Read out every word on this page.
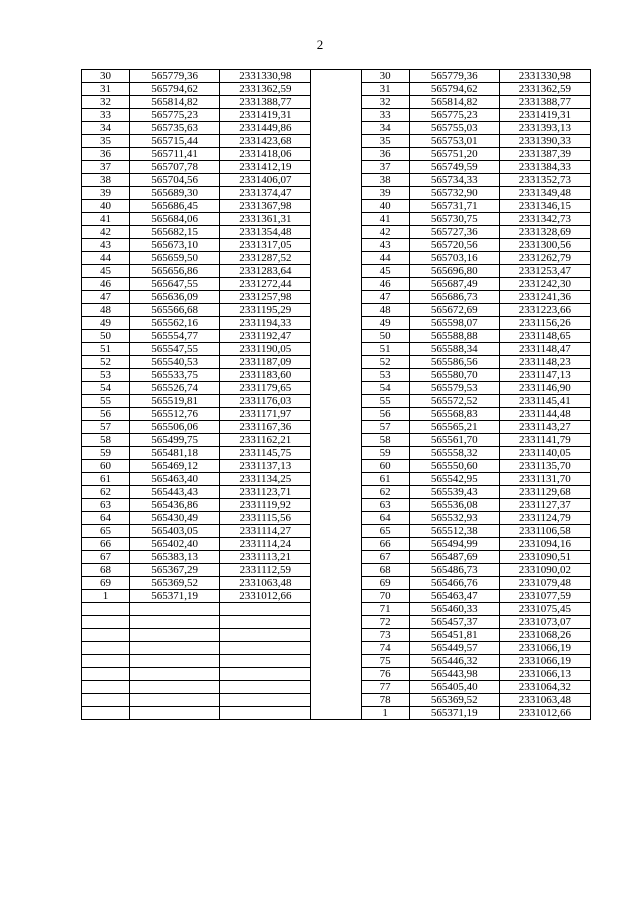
2
30	565779,36	2331330,98		30	565779,36	2331330,98
31	565794,62	2331362,59		31	565794,62	2331362,59
32	565814,82	2331388,77		32	565814,82	2331388,77
33	565775,23	2331419,31		33	565775,23	2331419,31
34	565735,63	2331449,86		34	565755,03	2331393,13
35	565715,44	2331423,68		35	565753,01	2331390,33
36	565711,41	2331418,06		36	565751,20	2331387,39
37	565707,78	2331412,19		37	565749,59	2331384,33
38	565704,56	2331406,07		38	565734,33	2331352,73
39	565689,30	2331374,47		39	565732,90	2331349,48
40	565686,45	2331367,98		40	565731,71	2331346,15
41	565684,06	2331361,31		41	565730,75	2331342,73
42	565682,15	2331354,48		42	565727,36	2331328,69
43	565673,10	2331317,05		43	565720,56	2331300,56
44	565659,50	2331287,52		44	565703,16	2331262,79
45	565656,86	2331283,64		45	565696,80	2331253,47
46	565647,55	2331272,44		46	565687,49	2331242,30
47	565636,09	2331257,98		47	565686,73	2331241,36
48	565566,68	2331195,29		48	565672,69	2331223,66
49	565562,16	2331194,33		49	565598,07	2331156,26
50	565554,77	2331192,47		50	565588,88	2331148,65
51	565547,55	2331190,05		51	565588,34	2331148,47
52	565540,53	2331187,09		52	565586,56	2331148,23
53	565533,75	2331183,60		53	565580,70	2331147,13
54	565526,74	2331179,65		54	565579,53	2331146,90
55	565519,81	2331176,03		55	565572,52	2331145,41
56	565512,76	2331171,97		56	565568,83	2331144,48
57	565506,06	2331167,36		57	565565,21	2331143,27
58	565499,75	2331162,21		58	565561,70	2331141,79
59	565481,18	2331145,75		59	565558,32	2331140,05
60	565469,12	2331137,13		60	565550,60	2331135,70
61	565463,40	2331134,25		61	565542,95	2331131,70
62	565443,43	2331123,71		62	565539,43	2331129,68
63	565436,86	2331119,92		63	565536,08	2331127,37
64	565430,49	2331115,56		64	565532,93	2331124,79
65	565403,05	2331114,27		65	565512,38	2331106,58
66	565402,40	2331114,24		66	565494,99	2331094,16
67	565383,13	2331113,21		67	565487,69	2331090,51
68	565367,29	2331112,59		68	565486,73	2331090,02
69	565369,52	2331063,48		69	565466,76	2331079,48
1	565371,19	2331012,66		70	565463,47	2331077,59
				71	565460,33	2331075,45
				72	565457,37	2331073,07
				73	565451,81	2331068,26
				74	565449,57	2331066,19
				75	565446,32	2331066,19
				76	565443,98	2331066,13
				77	565405,40	2331064,32
				78	565369,52	2331063,48
				1	565371,19	2331012,66
